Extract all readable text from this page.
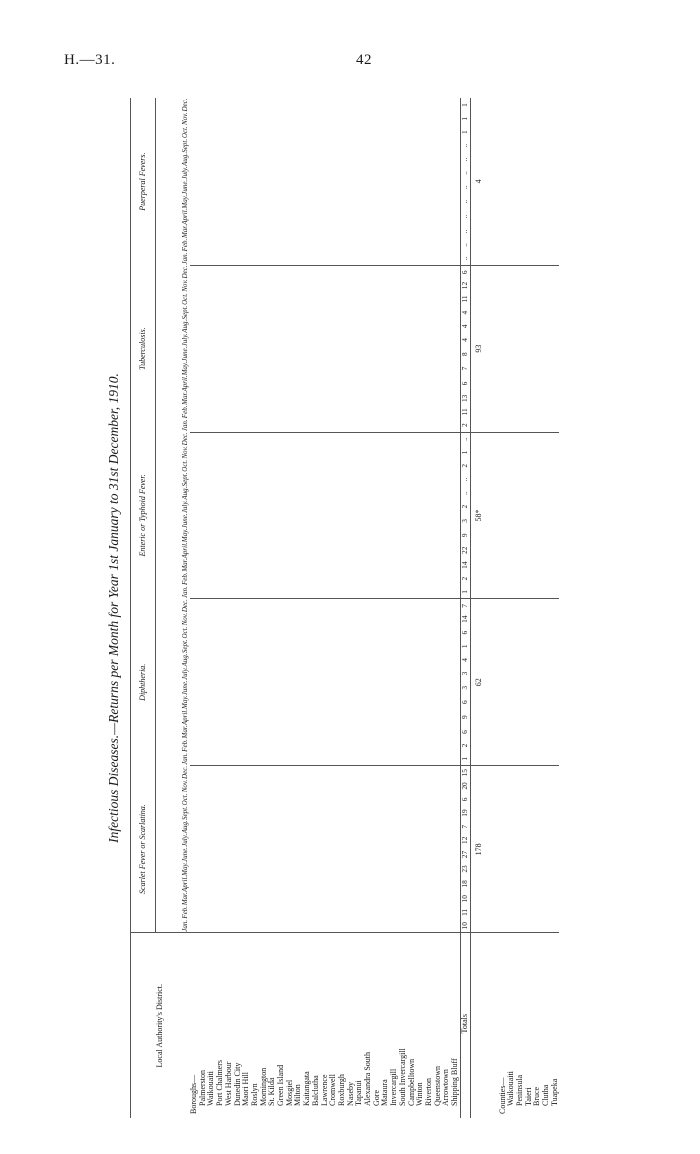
H.—31.	42
Infectious Diseases.—Returns per Month for Year 1st January to 31st December, 1910.
Local Authority's District.	Scarlet Fever or Scarlatina.												Diphtheria.												Enteric or Typhoid Fever.												Tuberculosis.												Puerperal Fevers.											
	Jan.	Feb.	Mar.	April.	May.	June.	July.	Aug.	Sept.	Oct.	Nov.	Dec.	Jan.	Feb.	Mar.	April.	May.	June.	July.	Aug.	Sept.	Oct.	Nov.	Dec.	Jan.	Feb.	Mar.	April.	May.	June.	July.	Aug.	Sept.	Oct.	Nov.	Dec.	Jan.	Feb.	Mar.	April.	May.	June.	July.	Aug.	Sept.	Oct.	Nov.	Dec.	Jan.	Feb.	Mar.	April.	May.	June.	July.	Aug.	Sept.	Oct.	Nov.	Dec.
Boroughs—																																																												
Palmerston																																																												
Waikouaiti																																																												
Port Chalmers																																																												
West Harbour																																																												
Dunedin City																																																												
Maori Hill																																																												
Roslyn																																																												
Mornington																																																												
St. Kilda																																																												
Green Island																																																												
Mosgiel																																																												
Milton																																																												
Kaitangata																																																												
Balclutha																																																												
Lawrence																																																												
Cromwell																																																												
Roxburgh																																																												
Naseby																																																												
Tapanui																																																												
Alexandra South																																																												
Gore																																																												
Mataura																																																												
Invercargill																																																												
South Invercargill																																																												
Campbelltown																																																												
Winton																																																												
Riverton																																																												
Queenstown																																																												
Arrowtown																																																												
Shipping Bluff																																																												
Totals	10	11	10	18	23	27	12	7	19	6	20	15	1	2	6	9	6	3	3	4	1	6	14	7	1	2	14	22	9	3	2	..	..	2	1	..	2	11	13	6	7	8	4	4	4	11	12	6	..	..	..	..	..	..	..	..	..	1	1	1
	178												62												58*												93												4											

Counties—																																																												
Waikouaiti																																																												
Peninsula																																																												
Taieri																																																												
Bruce																																																												
Clutha																																																												
Tuapeka																																																												
